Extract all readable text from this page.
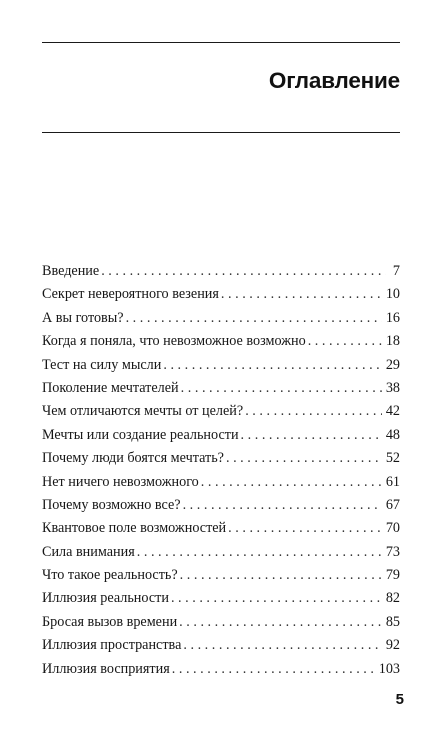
Оглавление
Введение . . .	7
Секрет невероятного везения . . .	10
А вы готовы? . . .	16
Когда я поняла, что невозможное возможно . . .	18
Тест на силу мысли . . .	29
Поколение мечтателей . . .	38
Чем отличаются мечты от целей? . . .	42
Мечты или создание реальности . . .	48
Почему люди боятся мечтать? . . .	52
Нет ничего невозможного . . .	61
Почему возможно все? . . .	67
Квантовое поле возможностей . . .	70
Сила внимания . . .	73
Что такое реальность? . . .	79
Иллюзия реальности . . .	82
Бросая вызов времени . . .	85
Иллюзия пространства . . .	92
Иллюзия восприятия . . .	103

5
